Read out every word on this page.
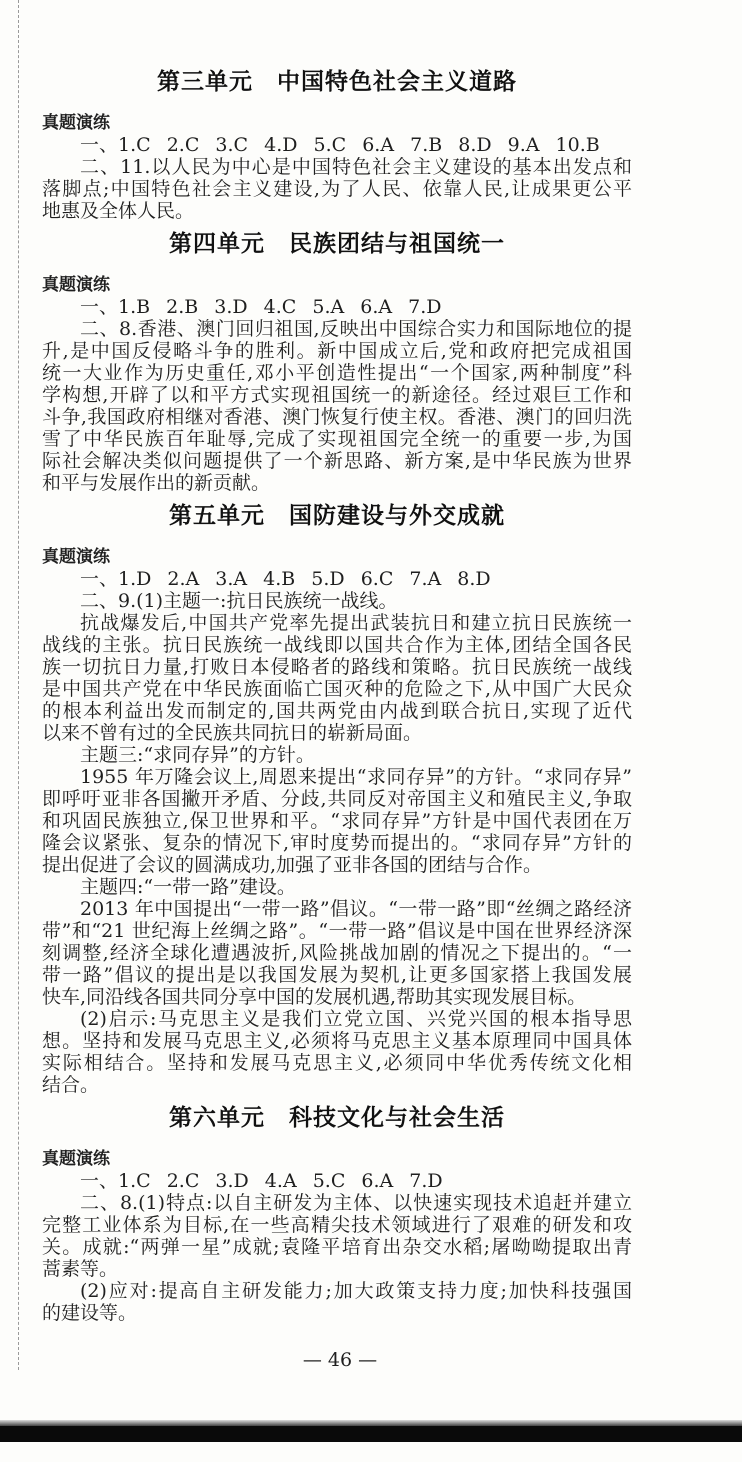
第三单元　中国特色社会主义道路
真题演练
一、1.C 2.C 3.C 4.D 5.C 6.A 7.B 8.D 9.A 10.B
二、11.以人民为中心是中国特色社会主义建设的基本出发点和
落脚点;中国特色社会主义建设,为了人民、依靠人民,让成果更公平
地惠及全体人民。
第四单元　民族团结与祖国统一
真题演练
一、1.B 2.B 3.D 4.C 5.A 6.A 7.D
二、8.香港、澳门回归祖国,反映出中国综合实力和国际地位的提
升,是中国反侵略斗争的胜利。新中国成立后,党和政府把完成祖国
统一大业作为历史重任,邓小平创造性提出“一个国家,两种制度”科
学构想,开辟了以和平方式实现祖国统一的新途径。经过艰巨工作和
斗争,我国政府相继对香港、澳门恢复行使主权。香港、澳门的回归洗
雪了中华民族百年耻辱,完成了实现祖国完全统一的重要一步,为国
际社会解决类似问题提供了一个新思路、新方案,是中华民族为世界
和平与发展作出的新贡献。
第五单元　国防建设与外交成就
真题演练
一、1.D 2.A 3.A 4.B 5.D 6.C 7.A 8.D
二、9.(1)主题一:抗日民族统一战线。
抗战爆发后,中国共产党率先提出武装抗日和建立抗日民族统一
战线的主张。抗日民族统一战线即以国共合作为主体,团结全国各民
族一切抗日力量,打败日本侵略者的路线和策略。抗日民族统一战线
是中国共产党在中华民族面临亡国灭种的危险之下,从中国广大民众
的根本利益出发而制定的,国共两党由内战到联合抗日,实现了近代
以来不曾有过的全民族共同抗日的崭新局面。
主题三:“求同存异”的方针。
1955 年万隆会议上,周恩来提出“求同存异”的方针。“求同存异”
即呼吁亚非各国撇开矛盾、分歧,共同反对帝国主义和殖民主义,争取
和巩固民族独立,保卫世界和平。“求同存异”方针是中国代表团在万
隆会议紧张、复杂的情况下,审时度势而提出的。“求同存异”方针的
提出促进了会议的圆满成功,加强了亚非各国的团结与合作。
主题四:“一带一路”建设。
2013 年中国提出“一带一路”倡议。“一带一路”即“丝绸之路经济
带”和“21 世纪海上丝绸之路”。“一带一路”倡议是中国在世界经济深
刻调整,经济全球化遭遇波折,风险挑战加剧的情况之下提出的。“一
带一路”倡议的提出是以我国发展为契机,让更多国家搭上我国发展
快车,同沿线各国共同分享中国的发展机遇,帮助其实现发展目标。
(2)启示:马克思主义是我们立党立国、兴党兴国的根本指导思
想。坚持和发展马克思主义,必须将马克思主义基本原理同中国具体
实际相结合。坚持和发展马克思主义,必须同中华优秀传统文化相
结合。
第六单元　科技文化与社会生活
真题演练
一、1.C 2.C 3.D 4.A 5.C 6.A 7.D
二、8.(1)特点:以自主研发为主体、以快速实现技术追赶并建立
完整工业体系为目标,在一些高精尖技术领域进行了艰难的研发和攻
关。成就:“两弹一星”成就;袁隆平培育出杂交水稻;屠呦呦提取出青
蒿素等。
(2)应对:提高自主研发能力;加大政策支持力度;加快科技强国
的建设等。
— 46 —
